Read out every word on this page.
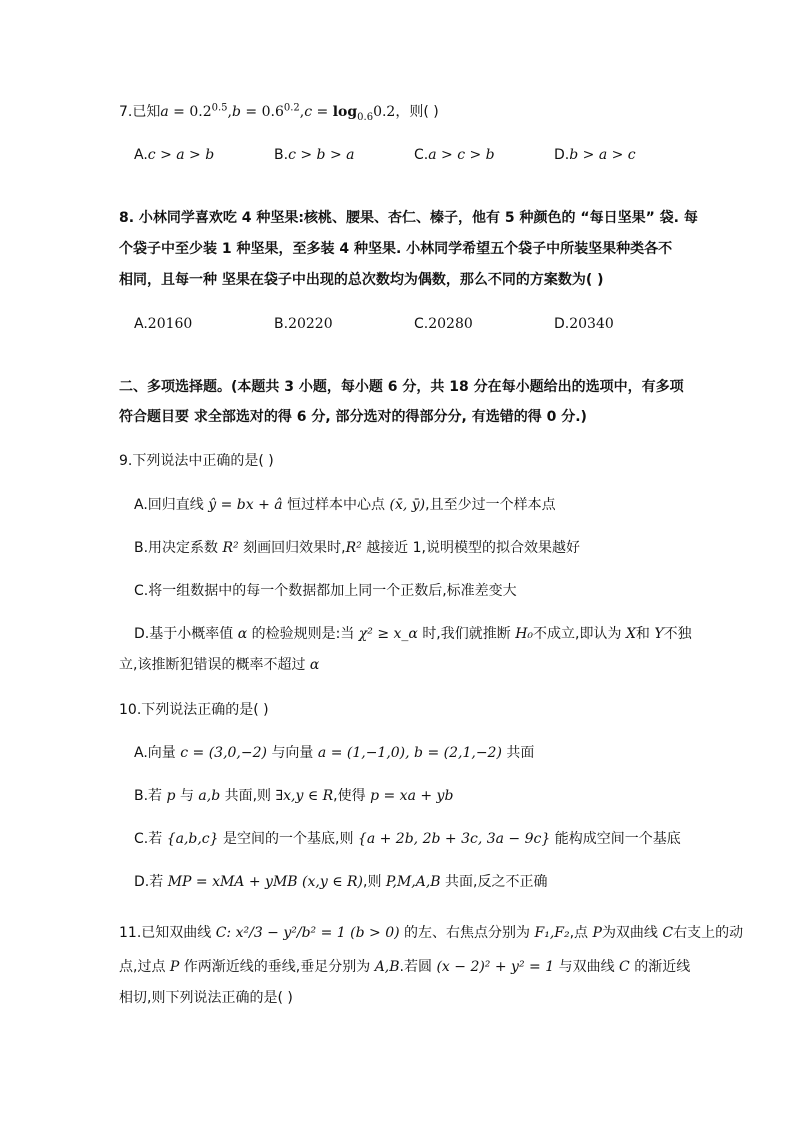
7.已知$a = 0.2^{0.5},b = 0.6^{0.2},c = \log_{0.6}0.2$，则( )
A.c > a > b	B.c > b > a	C.a > c > b	D.b > a > c
8. 小林同学喜欢吃 4 种坚果:核桃、腰果、杏仁、榛子，他有 5 种颜色的 “每日坚果” 袋. 每
个袋子中至少装 1 种坚果，至多装 4 种坚果. 小林同学希望五个袋子中所装坚果种类各不
相同，且每一种 坚果在袋子中出现的总次数均为偶数，那么不同的方案数为( )
A.20160	B.20220	C.20280	D.20340
二、多项选择题。(本题共 3 小题，每小题 6 分，共 18 分在每小题给出的选项中，有多项
符合题目要 求全部选对的得 6 分, 部分选对的得部分分, 有选错的得 0 分.)
9.下列说法中正确的是( )
A.回归直线 ŷ = bx + â 恒过样本中心点 (x̄, ȳ),且至少过一个样本点
B.用决定系数 R² 刻画回归效果时,R² 越接近 1,说明模型的拟合效果越好
C.将一组数据中的每一个数据都加上同一个正数后,标准差变大
D.基于小概率值 α 的检验规则是:当 χ² ≥ x_α 时,我们就推断 H₀不成立,即认为 X和 Y不独
立,该推断犯错误的概率不超过 α
10.下列说法正确的是( )
A.向量 c = (3,0,−2) 与向量 a = (1,−1,0), b = (2,1,−2) 共面
B.若 p 与 a,b 共面,则 ∃x,y ∈ R,使得 p = xa + yb
C.若 {a,b,c} 是空间的一个基底,则 {a + 2b, 2b + 3c, 3a − 9c} 能构成空间一个基底
D.若 MP = xMA + yMB (x,y ∈ R),则 P,M,A,B 共面,反之不正确
11.已知双曲线 C: x²/3 − y²/b² = 1 (b > 0) 的左、右焦点分别为 F₁,F₂,点 P为双曲线 C右支上的动
点,过点 P 作两渐近线的垂线,垂足分别为 A,B.若圆 (x − 2)² + y² = 1 与双曲线 C 的渐近线
相切,则下列说法正确的是( )
